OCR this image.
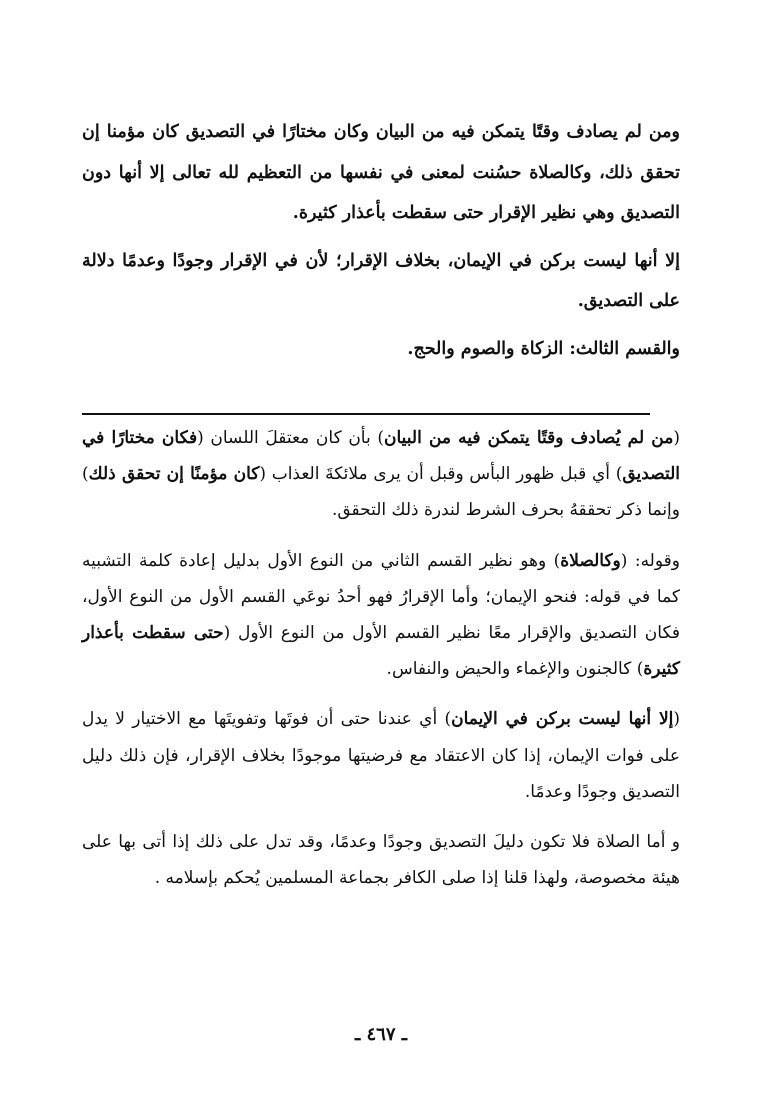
ومن لم يصادف وقتًا يتمكن فيه من البيان وكان مختارًا في التصديق كان مؤمنا إن تحقق ذلك، وكالصلاة حسُنت لمعنى في نفسها من التعظيم لله تعالى إلا أنها دون التصديق وهي نظير الإقرار حتى سقطت بأعذار كثيرة.

إلا أنها ليست بركن في الإيمان، بخلاف الإقرار؛ لأن في الإقرار وجودًا وعدمًا دلالة على التصديق.

والقسم الثالث: الزكاة والصوم والحج.

(من لم يُصادف وقتًا يتمكن فيه من البيان) بأن كان معتقلَ اللسان (فكان مختارًا في التصديق) أي قبل ظهور البأس وقبل أن يرى ملائكةَ العذاب (كان مؤمنًا إن تحقق ذلك) وإنما ذكر تحققهُ بحرف الشرط لندرة ذلك التحقق.

وقوله: (وكالصلاة) وهو نظير القسم الثاني من النوع الأول بدليل إعادة كلمة التشبيه كما في قوله: فنحو الإيمان؛ وأما الإقرارُ فهو أحدُ نوعَي القسم الأول من النوع الأول، فكان التصديق والإقرار معًا نظير القسم الأول من النوع الأول (حتى سقطت بأعذار كثيرة) كالجنون والإغماء والحيض والنفاس.

(إلا أنها ليست بركن في الإيمان) أي عندنا حتى أن فوتَها وتفويتَها مع الاختيار لا يدل على فوات الإيمان، إذا كان الاعتقاد مع فرضيتها موجودًا بخلاف الإقرار، فإن ذلك دليل التصديق وجودًا وعدمًا.

و أما الصلاة فلا تكون دليلَ التصديق وجودًا وعدمًا، وقد تدل على ذلك إذا أتى بها على هيئة مخصوصة، ولهذا قلنا إذا صلى الكافر بجماعة المسلمين يُحكم بإسلامه .

ـ ٤٦٧ ـ
